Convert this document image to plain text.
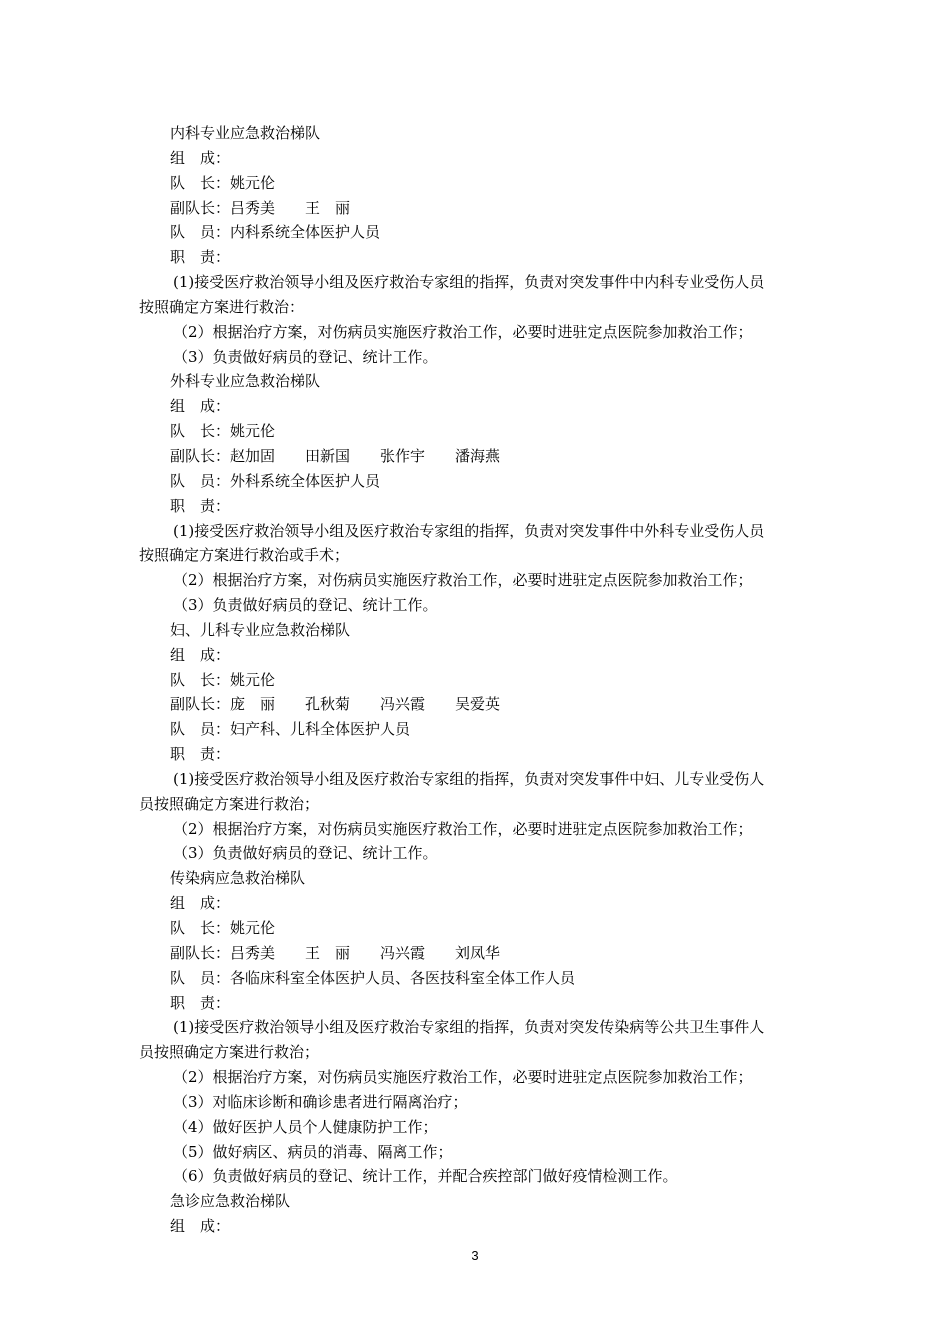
内科专业应急救治梯队
组　成：
队　长：姚元伦
副队长：吕秀美　　王　丽
队　员：内科系统全体医护人员
职　责：
(1)接受医疗救治领导小组及医疗救治专家组的指挥，负责对突发事件中内科专业受伤人员
按照确定方案进行救治：
（2）根据治疗方案，对伤病员实施医疗救治工作，必要时进驻定点医院参加救治工作；
（3）负责做好病员的登记、统计工作。
外科专业应急救治梯队
组　成：
队　长：姚元伦
副队长：赵加固　　田新国　　张作宇　　潘海燕
队　员：外科系统全体医护人员
职　责：
(1)接受医疗救治领导小组及医疗救治专家组的指挥，负责对突发事件中外科专业受伤人员
按照确定方案进行救治或手术；
（2）根据治疗方案，对伤病员实施医疗救治工作，必要时进驻定点医院参加救治工作；
（3）负责做好病员的登记、统计工作。
妇、儿科专业应急救治梯队
组　成：
队　长：姚元伦
副队长：庞　丽　　孔秋菊　　冯兴霞　　吴爱英
队　员：妇产科、儿科全体医护人员
职　责：
(1)接受医疗救治领导小组及医疗救治专家组的指挥，负责对突发事件中妇、儿专业受伤人
员按照确定方案进行救治；
（2）根据治疗方案，对伤病员实施医疗救治工作，必要时进驻定点医院参加救治工作；
（3）负责做好病员的登记、统计工作。
传染病应急救治梯队
组　成：
队　长：姚元伦
副队长：吕秀美　　王　丽　　冯兴霞　　刘凤华
队　员：各临床科室全体医护人员、各医技科室全体工作人员
职　责：
(1)接受医疗救治领导小组及医疗救治专家组的指挥，负责对突发传染病等公共卫生事件人
员按照确定方案进行救治；
（2）根据治疗方案，对伤病员实施医疗救治工作，必要时进驻定点医院参加救治工作；
（3）对临床诊断和确诊患者进行隔离治疗；
（4）做好医护人员个人健康防护工作；
（5）做好病区、病员的消毒、隔离工作；
（6）负责做好病员的登记、统计工作，并配合疾控部门做好疫情检测工作。
急诊应急救治梯队
组　成：
3
